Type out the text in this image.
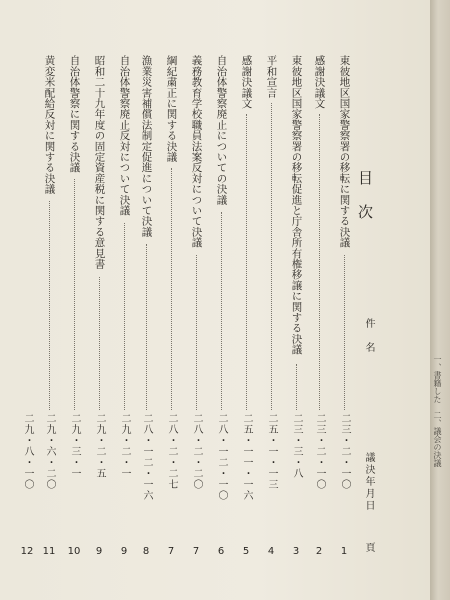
目　次
件　名
議決年月日
頁
東彼地区国家警察署の移転に関する決議
二三・二・一〇
1
感謝決議文
二三・二・一〇
2
東彼地区国家警察署の移転促進と庁舎所有権移譲に関する決議
二三・三・八
3
平和宣言
二五・一・一三
4
感謝決議文
二五・一一・一六
5
自治体警察廃止についての決議
二八・一二・一〇
6
義務教育学校職員法案反対について決議
二八・二・二〇
7
綱紀粛正に関する決議
二八・二・二七
7
漁業災害補償法制定促進について決議
二八・一二・一六
8
自治体警察廃止反対について決議
二九・二・一
9
昭和二十九年度の固定資産税に関する意見書
二九・二・五
9
自治体警察に関する決議
二九・三・一
10
黄変米配給反対に関する決議
二九・六・二〇
11
二九・八・一〇
12
一、書籍した　二、議会の決議
